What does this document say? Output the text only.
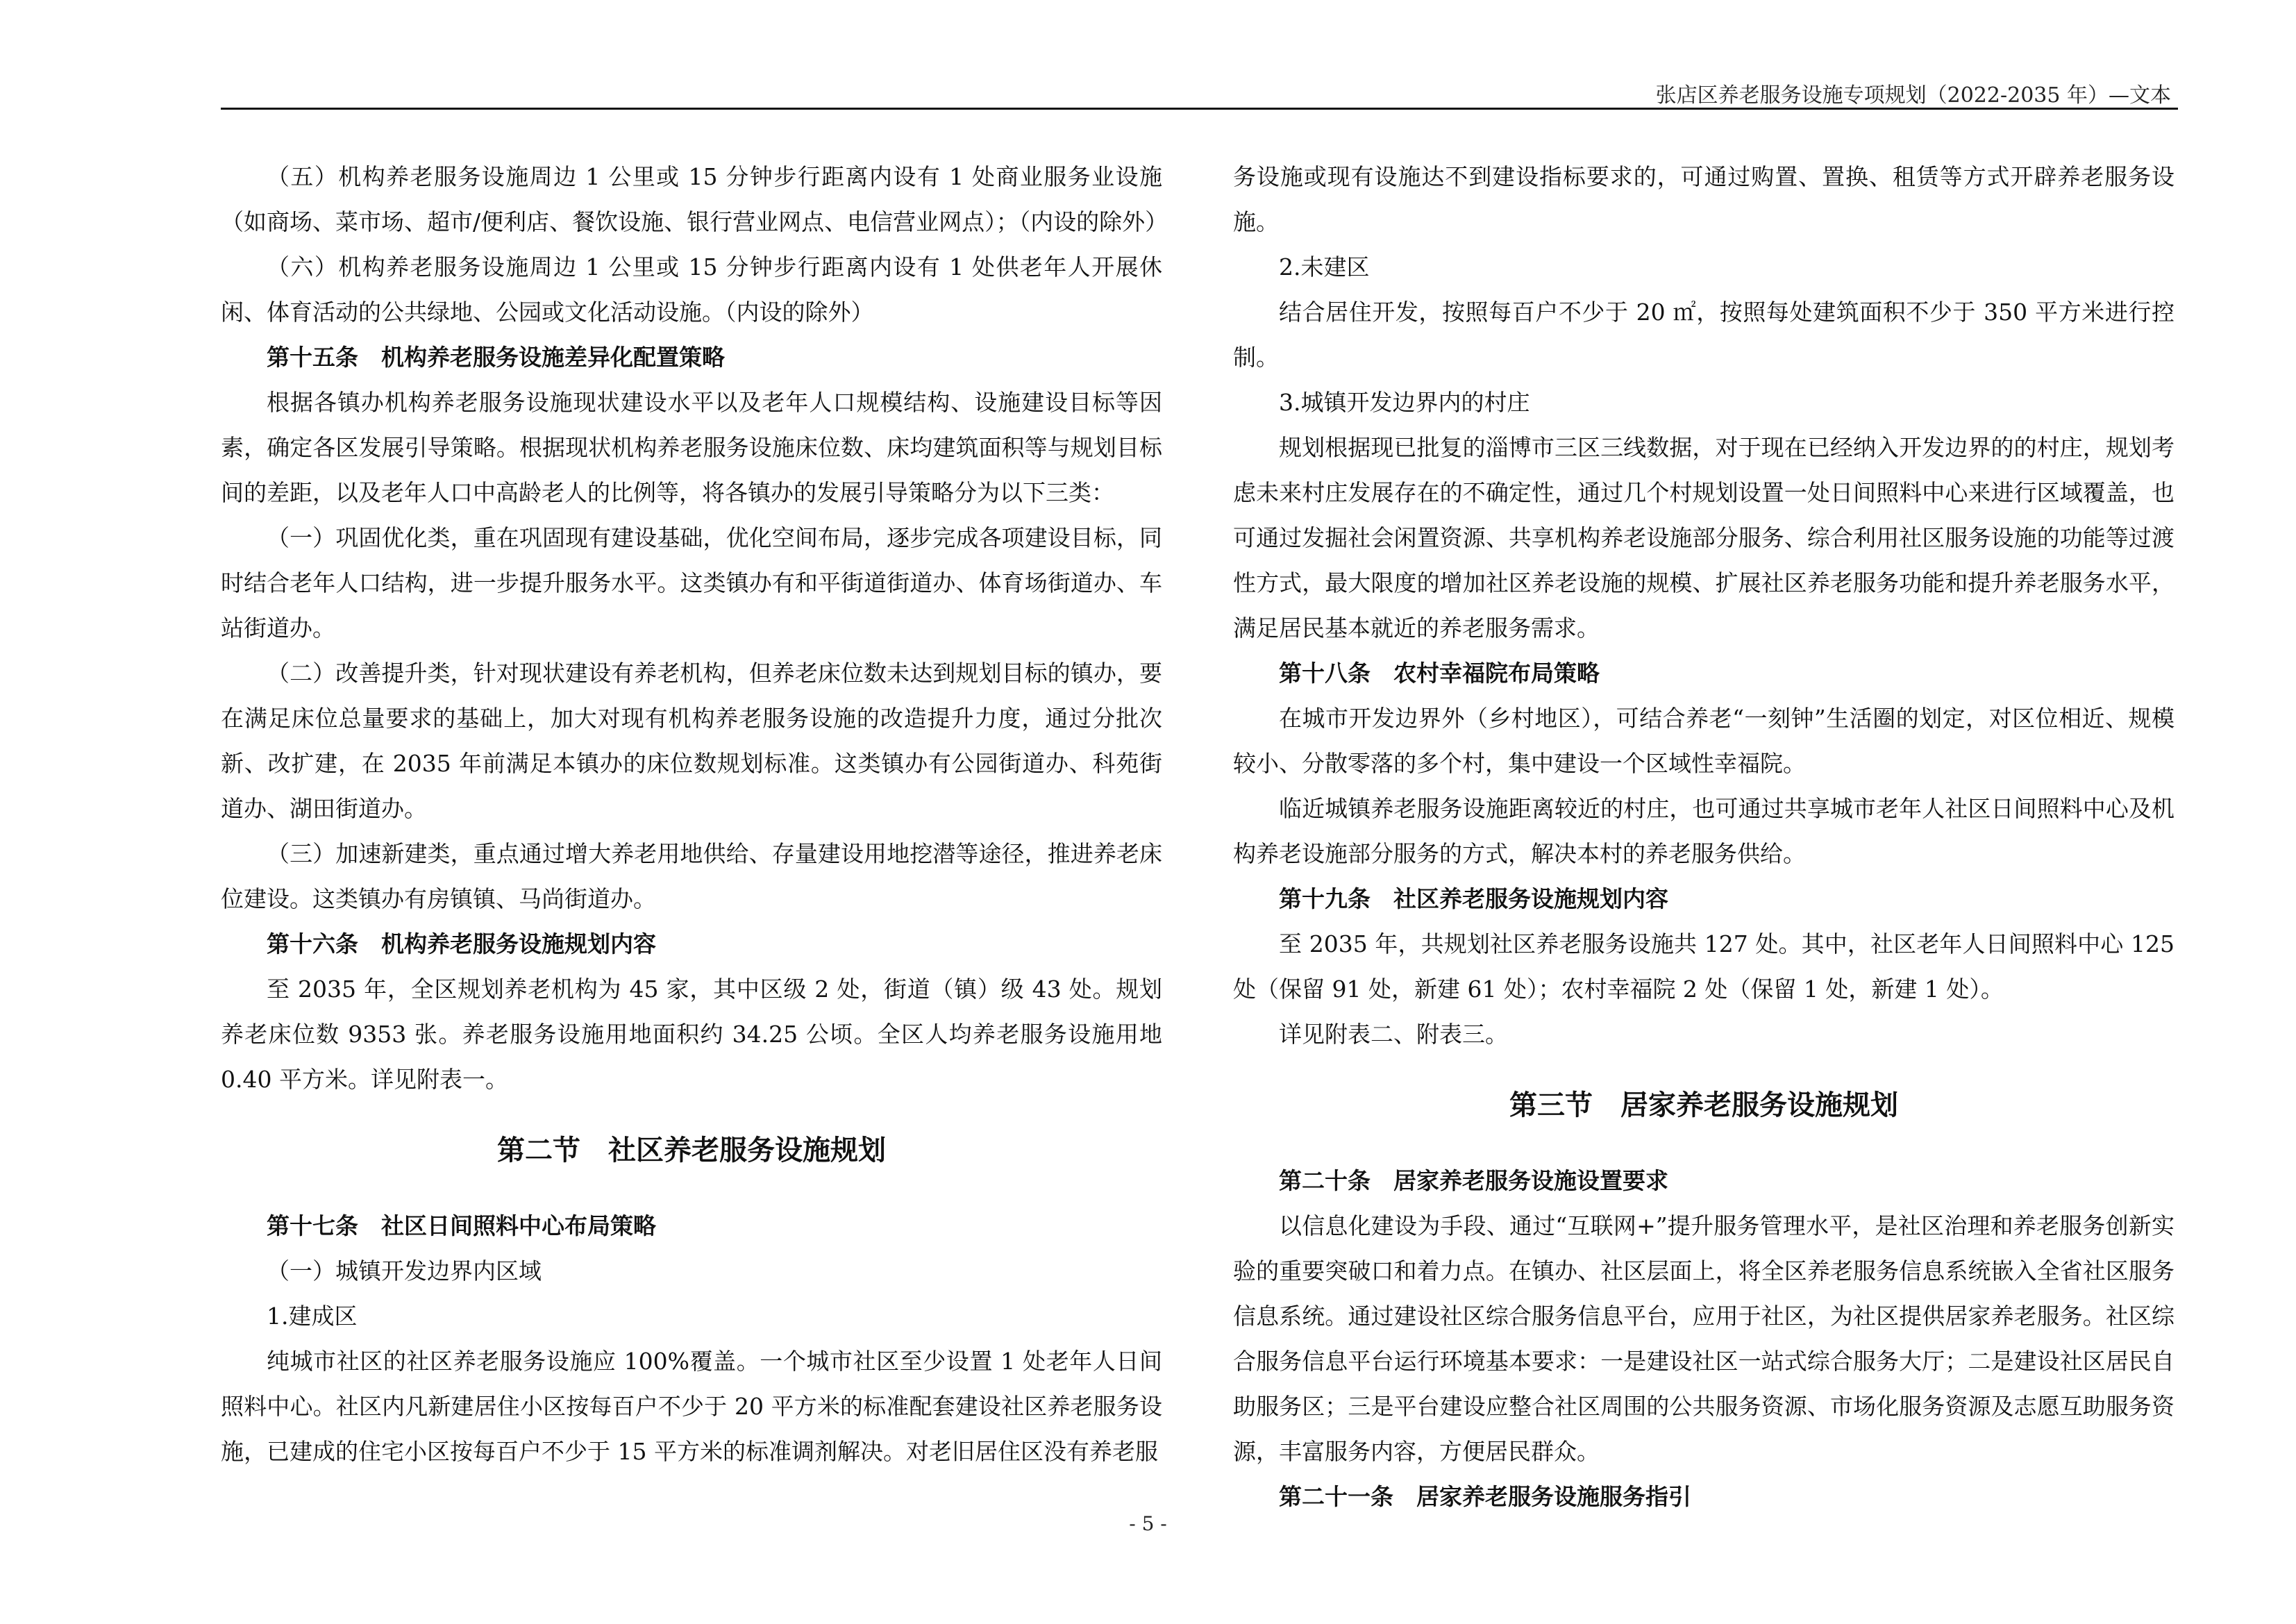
张店区养老服务设施专项规划（2022-2035 年）—文本

（五）机构养老服务设施周边 1 公里或 15 分钟步行距离内设有 1 处商业服务业设施（如商场、菜市场、超市/便利店、餐饮设施、银行营业网点、电信营业网点）；（内设的除外）

（六）机构养老服务设施周边 1 公里或 15 分钟步行距离内设有 1 处供老年人开展休闲、体育活动的公共绿地、公园或文化活动设施。（内设的除外）

第十五条　机构养老服务设施差异化配置策略

根据各镇办机构养老服务设施现状建设水平以及老年人口规模结构、设施建设目标等因素，确定各区发展引导策略。根据现状机构养老服务设施床位数、床均建筑面积等与规划目标间的差距，以及老年人口中高龄老人的比例等，将各镇办的发展引导策略分为以下三类：

（一）巩固优化类，重在巩固现有建设基础，优化空间布局，逐步完成各项建设目标，同时结合老年人口结构，进一步提升服务水平。这类镇办有和平街道街道办、体育场街道办、车站街道办。

（二）改善提升类，针对现状建设有养老机构，但养老床位数未达到规划目标的镇办，要在满足床位总量要求的基础上，加大对现有机构养老服务设施的改造提升力度，通过分批次新、改扩建，在 2035 年前满足本镇办的床位数规划标准。这类镇办有公园街道办、科苑街道办、湖田街道办。

（三）加速新建类，重点通过增大养老用地供给、存量建设用地挖潜等途径，推进养老床位建设。这类镇办有房镇镇、马尚街道办。

第十六条　机构养老服务设施规划内容

至 2035 年，全区规划养老机构为 45 家，其中区级 2 处，街道（镇）级 43 处。规划养老床位数 9353 张。养老服务设施用地面积约 34.25 公顷。全区人均养老服务设施用地 0.40 平方米。详见附表一。

第二节　社区养老服务设施规划
第十七条　社区日间照料中心布局策略

（一）城镇开发边界内区域

1.建成区

纯城市社区的社区养老服务设施应 100%覆盖。一个城市社区至少设置 1 处老年人日间照料中心。社区内凡新建居住小区按每百户不少于 20 平方米的标准配套建设社区养老服务设施，已建成的住宅小区按每百户不少于 15 平方米的标准调剂解决。对老旧居住区没有养老服

务设施或现有设施达不到建设指标要求的，可通过购置、置换、租赁等方式开辟养老服务设施。

2.未建区

结合居住开发，按照每百户不少于 20 ㎡，按照每处建筑面积不少于 350 平方米进行控制。

3.城镇开发边界内的村庄

规划根据现已批复的淄博市三区三线数据，对于现在已经纳入开发边界的的村庄，规划考虑未来村庄发展存在的不确定性，通过几个村规划设置一处日间照料中心来进行区域覆盖，也可通过发掘社会闲置资源、共享机构养老设施部分服务、综合利用社区服务设施的功能等过渡性方式，最大限度的增加社区养老设施的规模、扩展社区养老服务功能和提升养老服务水平，满足居民基本就近的养老服务需求。

第十八条　农村幸福院布局策略

在城市开发边界外（乡村地区），可结合养老“一刻钟”生活圈的划定，对区位相近、规模较小、分散零落的多个村，集中建设一个区域性幸福院。

临近城镇养老服务设施距离较近的村庄，也可通过共享城市老年人社区日间照料中心及机构养老设施部分服务的方式，解决本村的养老服务供给。

第十九条　社区养老服务设施规划内容

至 2035 年，共规划社区养老服务设施共 127 处。其中，社区老年人日间照料中心 125 处（保留 91 处，新建 61 处）；农村幸福院 2 处（保留 1 处，新建 1 处）。

详见附表二、附表三。

第三节　居家养老服务设施规划
第二十条　居家养老服务设施设置要求

以信息化建设为手段、通过“互联网+”提升服务管理水平，是社区治理和养老服务创新实验的重要突破口和着力点。在镇办、社区层面上，将全区养老服务信息系统嵌入全省社区服务信息系统。通过建设社区综合服务信息平台，应用于社区，为社区提供居家养老服务。社区综合服务信息平台运行环境基本要求：一是建设社区一站式综合服务大厅；二是建设社区居民自助服务区；三是平台建设应整合社区周围的公共服务资源、市场化服务资源及志愿互助服务资源，丰富服务内容，方便居民群众。

第二十一条　居家养老服务设施服务指引
- 5 -
